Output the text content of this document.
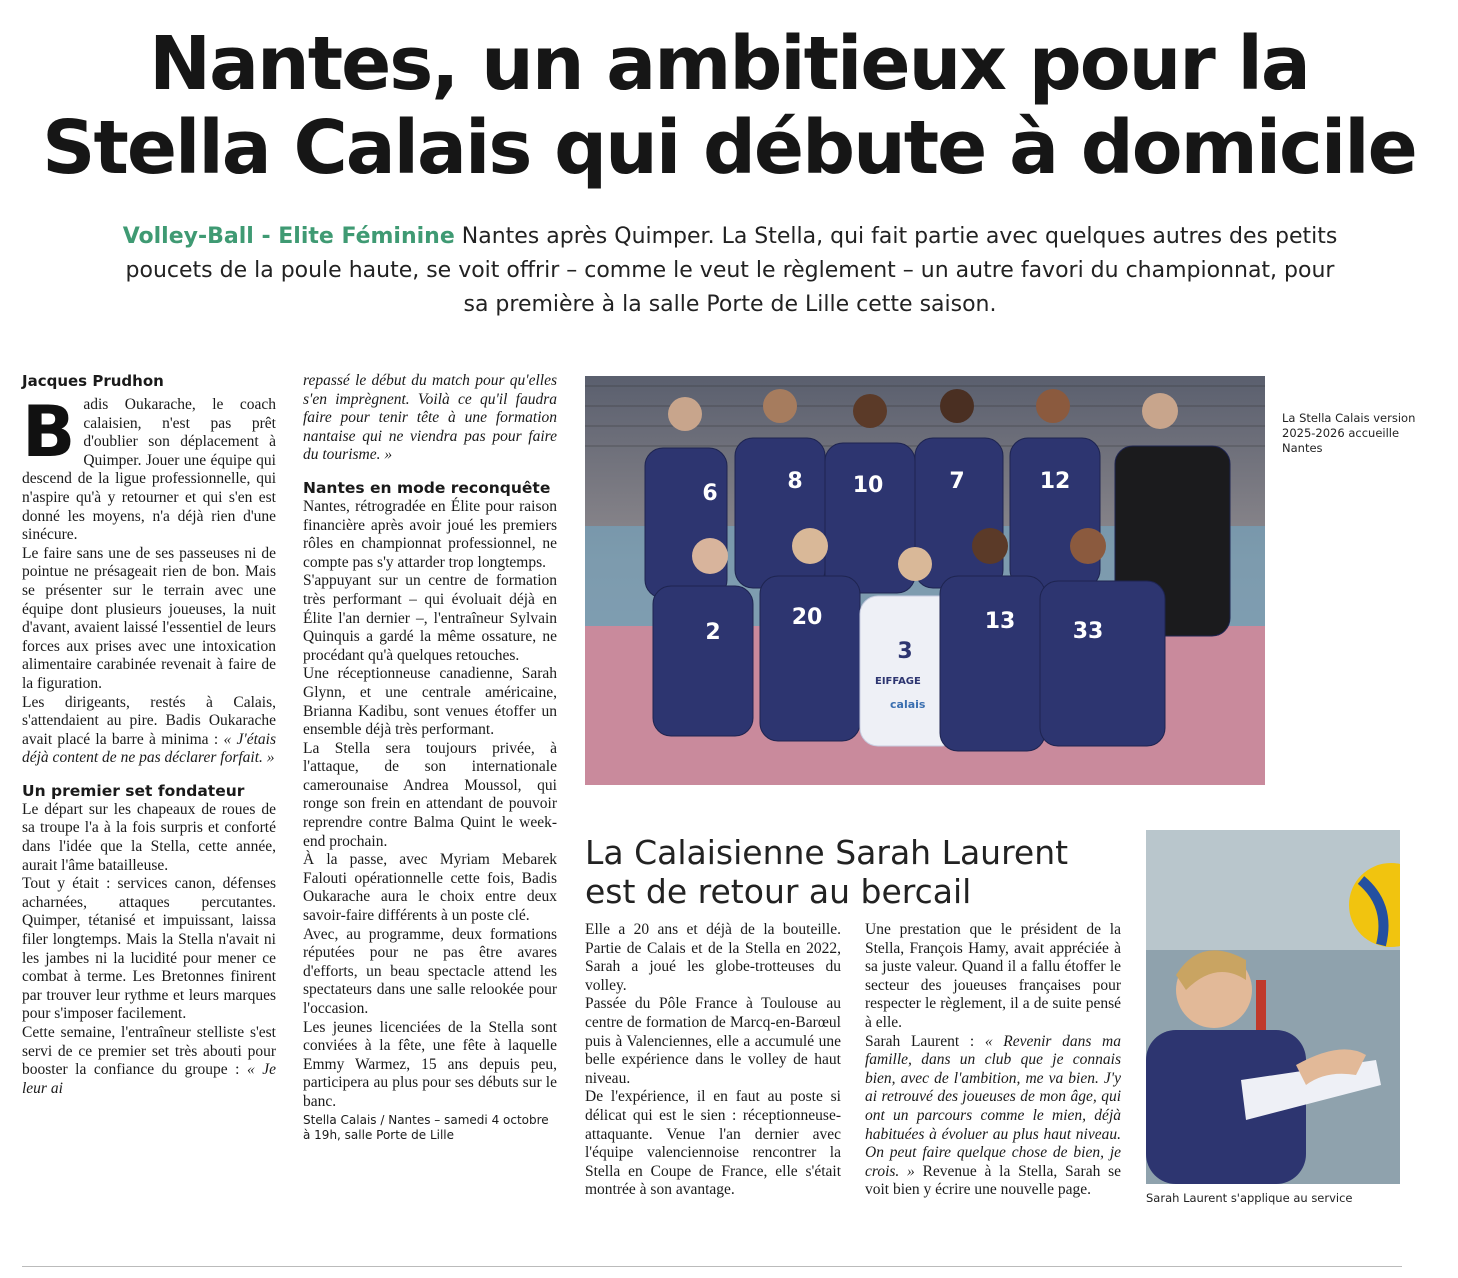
Nantes, un ambitieux pour la
Stella Calais qui débute à domicile

Volley-Ball - Elite Féminine Nantes après Quimper. La Stella, qui fait partie avec quelques autres des petits poucets de la poule haute, se voit offrir – comme le veut le règlement – un autre favori du championnat, pour sa première à la salle Porte de Lille cette saison.

Jacques Prudhon
B adis Oukarache, le coach calaisien, n'est pas prêt d'oublier son déplacement à Quimper. Jouer une équipe qui descend de la ligue professionnelle, qui n'aspire qu'à y retourner et qui s'en est donné les moyens, n'a déjà rien d'une sinécure.

Le faire sans une de ses passeuses ni de pointue ne présageait rien de bon. Mais se présenter sur le terrain avec une équipe dont plusieurs joueuses, la nuit d'avant, avaient laissé l'essentiel de leurs forces aux prises avec une intoxication alimentaire carabinée revenait à faire de la figuration.

Les dirigeants, restés à Calais, s'attendaient au pire. Badis Oukarache avait placé la barre à minima : « J'étais déjà content de ne pas déclarer forfait. »

Un premier set fondateur

Le départ sur les chapeaux de roues de sa troupe l'a à la fois surpris et conforté dans l'idée que la Stella, cette année, aurait l'âme batailleuse.

Tout y était : services canon, défenses acharnées, attaques percutantes. Quimper, tétanisé et impuissant, laissa filer longtemps. Mais la Stella n'avait ni les jambes ni la lucidité pour mener ce combat à terme. Les Bretonnes finirent par trouver leur rythme et leurs marques pour s'imposer facilement.

Cette semaine, l'entraîneur stelliste s'est servi de ce premier set très abouti pour booster la confiance du groupe : « Je leur ai

repassé le début du match pour qu'elles s'en imprègnent. Voilà ce qu'il faudra faire pour tenir tête à une formation nantaise qui ne viendra pas pour faire du tourisme. »

Nantes en mode reconquête

Nantes, rétrogradée en Élite pour raison financière après avoir joué les premiers rôles en championnat professionnel, ne compte pas s'y attarder trop longtemps.

S'appuyant sur un centre de formation très performant – qui évoluait déjà en Élite l'an dernier –, l'entraîneur Sylvain Quinquis a gardé la même ossature, ne procédant qu'à quelques retouches.

Une réceptionneuse canadienne, Sarah Glynn, et une centrale américaine, Brianna Kadibu, sont venues étoffer un ensemble déjà très performant.

La Stella sera toujours privée, à l'attaque, de son internationale camerounaise Andrea Moussol, qui ronge son frein en attendant de pouvoir reprendre contre Balma Quint le week-end prochain.

À la passe, avec Myriam Mebarek Falouti opérationnelle cette fois, Badis Oukarache aura le choix entre deux savoir-faire différents à un poste clé.

Avec, au programme, deux formations réputées pour ne pas être avares d'efforts, un beau spectacle attend les spectateurs dans une salle relookée pour l'occasion.

Les jeunes licenciées de la Stella sont conviées à la fête, une fête à laquelle Emmy Warmez, 15 ans depuis peu, participera au plus pour ses débuts sur le banc.

Stella Calais / Nantes – samedi 4 octobre à 19h, salle Porte de Lille

6	8 10	7	12
2
20
3
13	33
EIFFAGE
calais
La Stella Calais version 2025-2026 accueille Nantes
La Calaisienne Sarah Laurent est de retour au bercail

Elle a 20 ans et déjà de la bouteille. Partie de Calais et de la Stella en 2022, Sarah a joué les globe-trotteuses du volley.

Passée du Pôle France à Toulouse au centre de formation de Marcq-en-Barœul puis à Valenciennes, elle a accumulé une belle expérience dans le volley de haut niveau.

De l'expérience, il en faut au poste si délicat qui est le sien : réceptionneuse-attaquante. Venue l'an dernier avec l'équipe valenciennoise rencontrer la Stella en Coupe de France, elle s'était montrée à son avantage.

Une prestation que le président de la Stella, François Hamy, avait appréciée à sa juste valeur. Quand il a fallu étoffer le secteur des joueuses françaises pour respecter le règlement, il a de suite pensé à elle.

Sarah Laurent : « Revenir dans ma famille, dans un club que je connais bien, avec de l'ambition, me va bien. J'y ai retrouvé des joueuses de mon âge, qui ont un parcours comme le mien, déjà habituées à évoluer au plus haut niveau. On peut faire quelque chose de bien, je crois. » Revenue à la Stella, Sarah se voit bien y écrire une nouvelle page.	Sarah Laurent s'applique au service
